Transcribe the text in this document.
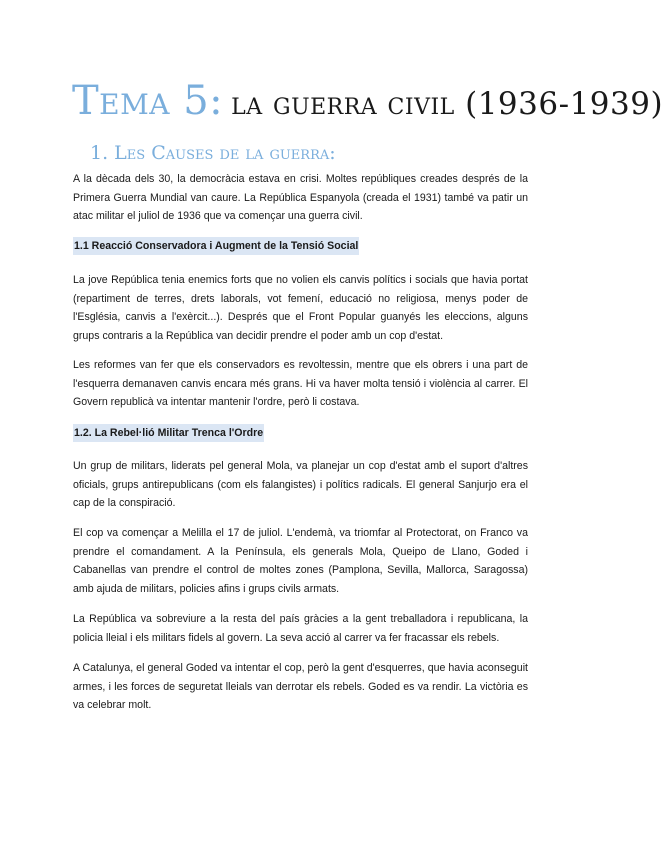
Tema 5: la guerra civil (1936-1939)
1. Les Causes de la guerra:

A la dècada dels 30, la democràcia estava en crisi. Moltes repúbliques creades després de la Primera Guerra Mundial van caure. La República Espanyola (creada el 1931) també va patir un atac militar el juliol de 1936 que va començar una guerra civil.

1.1 Reacció Conservadora i Augment de la Tensió Social

La jove República tenia enemics forts que no volien els canvis polítics i socials que havia portat (repartiment de terres, drets laborals, vot femení, educació no religiosa, menys poder de l'Església, canvis a l'exèrcit...). Després que el Front Popular guanyés les eleccions, alguns grups contraris a la República van decidir prendre el poder amb un cop d'estat.

Les reformes van fer que els conservadors es revoltessin, mentre que els obrers i una part de l'esquerra demanaven canvis encara més grans. Hi va haver molta tensió i violència al carrer. El Govern republicà va intentar mantenir l'ordre, però li costava.

1.2. La Rebel·lió Militar Trenca l'Ordre

Un grup de militars, liderats pel general Mola, va planejar un cop d'estat amb el suport d'altres oficials, grups antirepublicans (com els falangistes) i polítics radicals. El general Sanjurjo era el cap de la conspiració.

El cop va començar a Melilla el 17 de juliol. L'endemà, va triomfar al Protectorat, on Franco va prendre el comandament. A la Península, els generals Mola, Queipo de Llano, Goded i Cabanellas van prendre el control de moltes zones (Pamplona, Sevilla, Mallorca, Saragossa) amb ajuda de militars, policies afins i grups civils armats.

La República va sobreviure a la resta del país gràcies a la gent treballadora i republicana, la policia lleial i els militars fidels al govern. La seva acció al carrer va fer fracassar els rebels.

A Catalunya, el general Goded va intentar el cop, però la gent d'esquerres, que havia aconseguit armes, i les forces de seguretat lleials van derrotar els rebels. Goded es va rendir. La victòria es va celebrar molt.
